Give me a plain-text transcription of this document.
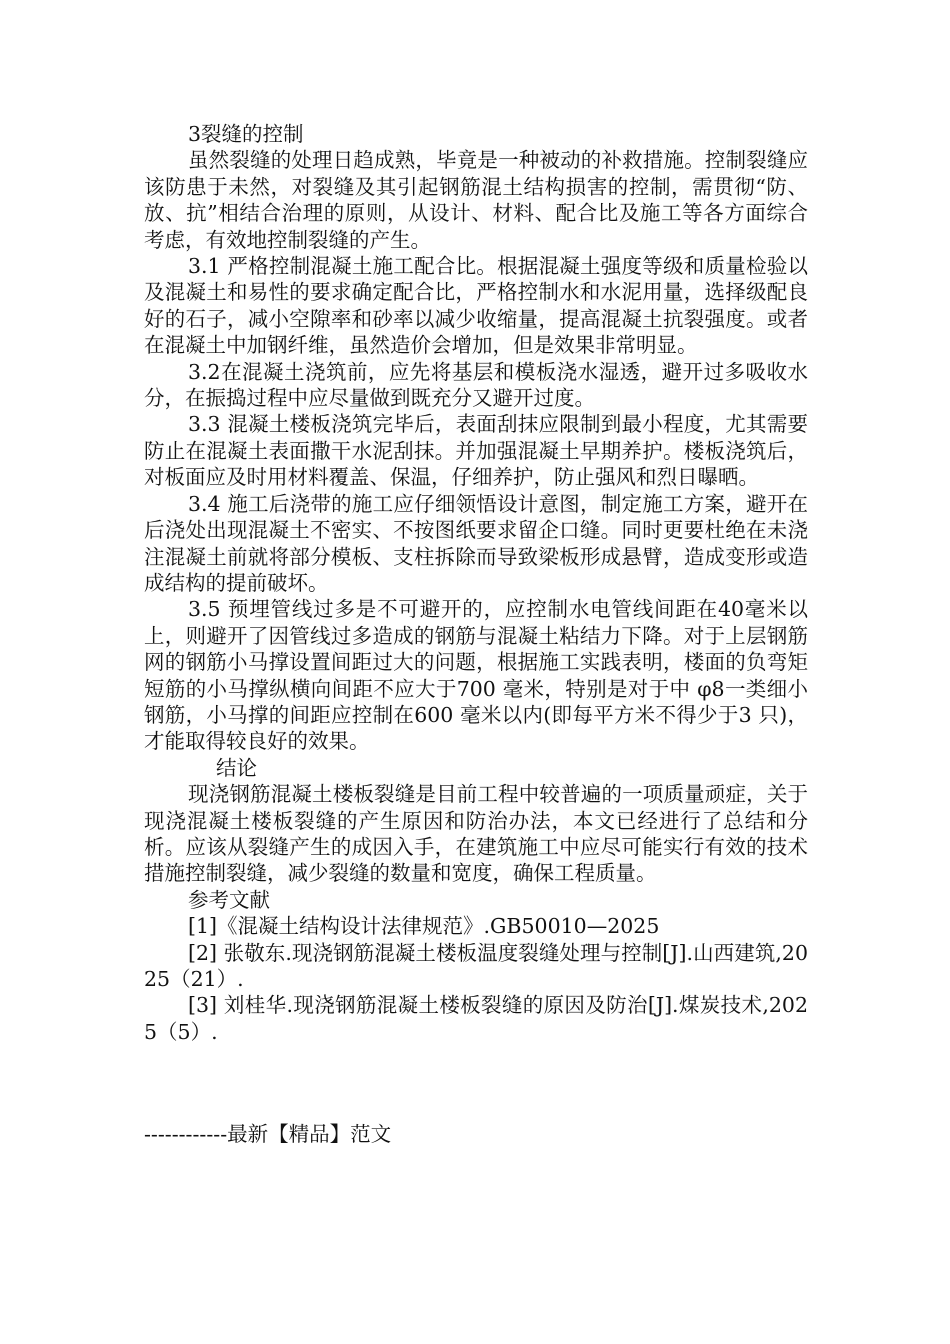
3裂缝的控制

虽然裂缝的处理日趋成熟，毕竟是一种被动的补救措施。控制裂缝应该防患于未然，对裂缝及其引起钢筋混土结构损害的控制，需贯彻“防、放、抗”相结合治理的原则，从设计、材料、配合比及施工等各方面综合考虑，有效地控制裂缝的产生。

3.1 严格控制混凝土施工配合比。根据混凝土强度等级和质量检验以及混凝土和易性的要求确定配合比，严格控制水和水泥用量，选择级配良好的石子，减小空隙率和砂率以减少收缩量，提高混凝土抗裂强度。或者在混凝土中加钢纤维，虽然造价会增加，但是效果非常明显。

3.2在混凝土浇筑前，应先将基层和模板浇水湿透，避开过多吸收水分，在振捣过程中应尽量做到既充分又避开过度。

3.3 混凝土楼板浇筑完毕后，表面刮抹应限制到最小程度，尤其需要防止在混凝土表面撒干水泥刮抹。并加强混凝土早期养护。楼板浇筑后，对板面应及时用材料覆盖、保温，仔细养护，防止强风和烈日曝晒。

3.4 施工后浇带的施工应仔细领悟设计意图，制定施工方案，避开在后浇处出现混凝土不密实、不按图纸要求留企口缝。同时更要杜绝在未浇注混凝土前就将部分模板、支柱拆除而导致梁板形成悬臂，造成变形或造成结构的提前破坏。

3.5 预埋管线过多是不可避开的，应控制水电管线间距在40毫米以上，则避开了因管线过多造成的钢筋与混凝土粘结力下降。对于上层钢筋网的钢筋小马撑设置间距过大的问题，根据施工实践表明，楼面的负弯矩短筋的小马撑纵横向间距不应大于700 毫米，特别是对于中 φ8一类细小钢筋，小马撑的间距应控制在600 毫米以内(即每平方米不得少于3 只)，才能取得较良好的效果。

结论

现浇钢筋混凝土楼板裂缝是目前工程中较普遍的一项质量顽症，关于现浇混凝土楼板裂缝的产生原因和防治办法，本文已经进行了总结和分析。应该从裂缝产生的成因入手，在建筑施工中应尽可能实行有效的技术措施控制裂缝，减少裂缝的数量和宽度，确保工程质量。

参考文献

[1]《混凝土结构设计法律规范》.GB50010—2025

[2] 张敬东.现浇钢筋混凝土楼板温度裂缝处理与控制[J].山西建筑,2025（21）.

[3] 刘桂华.现浇钢筋混凝土楼板裂缝的原因及防治[J].煤炭技术,2025（5）.

------------最新【精品】范文
